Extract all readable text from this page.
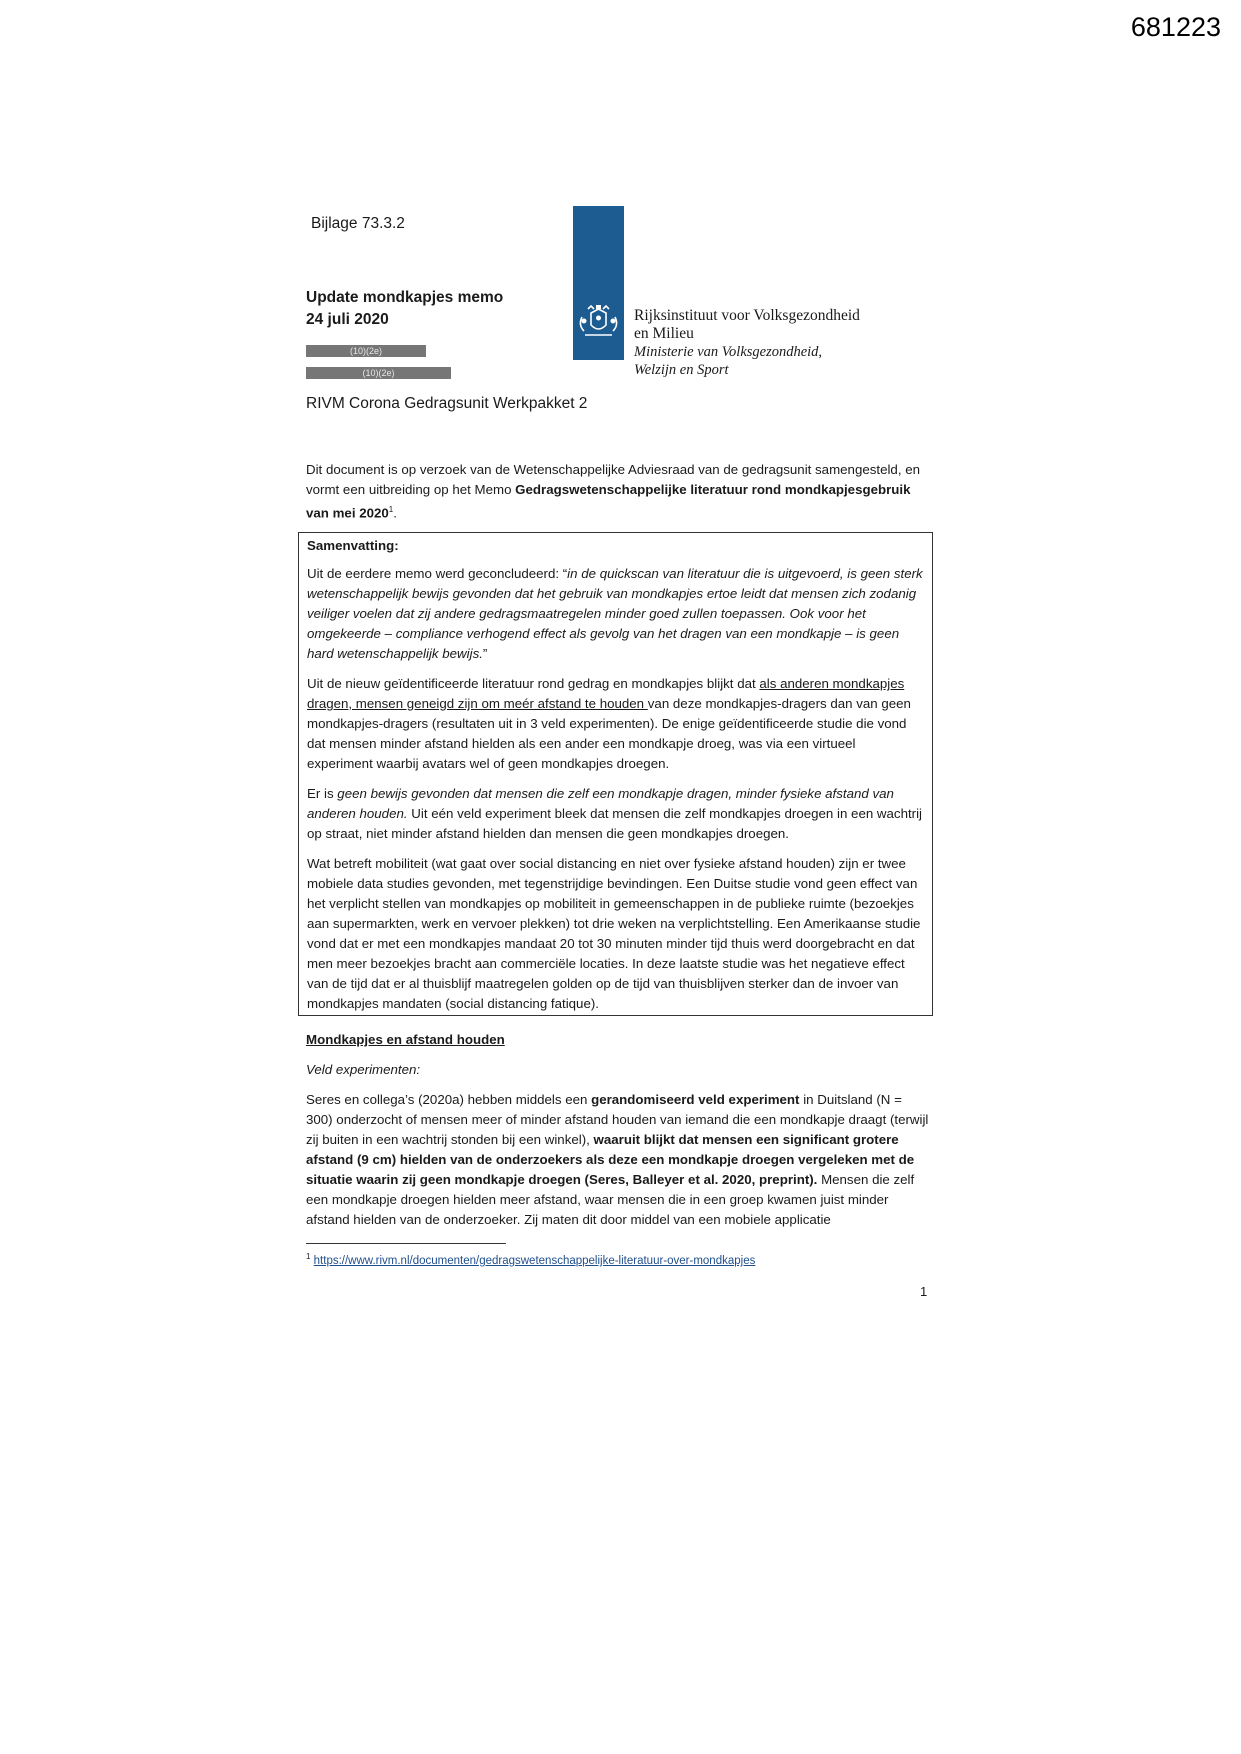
681223
Bijlage 73.3.2
Rijksinstituut voor Volksgezondheid
en Milieu
Ministerie van Volksgezondheid,
Welzijn en Sport
Update mondkapjes memo
24 juli 2020
(10)(2e)
(10)(2e)
RIVM Corona Gedragsunit Werkpakket 2

Dit document is op verzoek van de Wetenschappelijke Adviesraad van de gedragsunit samengesteld, en vormt een uitbreiding op het Memo Gedragswetenschappelijke literatuur rond mondkapjesgebruik van mei 2020$^1$.

Samenvatting:

Uit de eerdere memo werd geconcludeerd: “in de quickscan van literatuur die is uitgevoerd, is geen sterk wetenschappelijk bewijs gevonden dat het gebruik van mondkapjes ertoe leidt dat mensen zich zodanig veiliger voelen dat zij andere gedragsmaatregelen minder goed zullen toepassen. Ook voor het omgekeerde – compliance verhogend effect als gevolg van het dragen van een mondkapje – is geen hard wetenschappelijk bewijs.”

Uit de nieuw geïdentificeerde literatuur rond gedrag en mondkapjes blijkt dat als anderen mondkapjes dragen, mensen geneigd zijn om meér afstand te houden van deze mondkapjes-dragers dan van geen mondkapjes-dragers (resultaten uit in 3 veld experimenten). De enige geïdentificeerde studie die vond dat mensen minder afstand hielden als een ander een mondkapje droeg, was via een virtueel experiment waarbij avatars wel of geen mondkapjes droegen.

Er is geen bewijs gevonden dat mensen die zelf een mondkapje dragen, minder fysieke afstand van anderen houden. Uit eén veld experiment bleek dat mensen die zelf mondkapjes droegen in een wachtrij op straat, niet minder afstand hielden dan mensen die geen mondkapjes droegen.

Wat betreft mobiliteit (wat gaat over social distancing en niet over fysieke afstand houden) zijn er twee mobiele data studies gevonden, met tegenstrijdige bevindingen. Een Duitse studie vond geen effect van het verplicht stellen van mondkapjes op mobiliteit in gemeenschappen in de publieke ruimte (bezoekjes aan supermarkten, werk en vervoer plekken) tot drie weken na verplichtstelling. Een Amerikaanse studie vond dat er met een mondkapjes mandaat 20 tot 30 minuten minder tijd thuis werd doorgebracht en dat men meer bezoekjes bracht aan commerciële locaties. In deze laatste studie was het negatieve effect van de tijd dat er al thuisblijf maatregelen golden op de tijd van thuisblijven sterker dan de invoer van mondkapjes mandaten (social distancing fatique).

Mondkapjes en afstand houden

Veld experimenten:

Seres en collega’s (2020a) hebben middels een gerandomiseerd veld experiment in Duitsland (N = 300) onderzocht of mensen meer of minder afstand houden van iemand die een mondkapje draagt (terwijl zij buiten in een wachtrij stonden bij een winkel), waaruit blijkt dat mensen een significant grotere afstand (9 cm) hielden van de onderzoekers als deze een mondkapje droegen vergeleken met de situatie waarin zij geen mondkapje droegen (Seres, Balleyer et al. 2020, preprint). Mensen die zelf een mondkapje droegen hielden meer afstand, waar mensen die in een groep kwamen juist minder afstand hielden van de onderzoeker. Zij maten dit door middel van een mobiele applicatie

$^1$ https://www.rivm.nl/documenten/gedragswetenschappelijke-literatuur-over-mondkapjes
1
